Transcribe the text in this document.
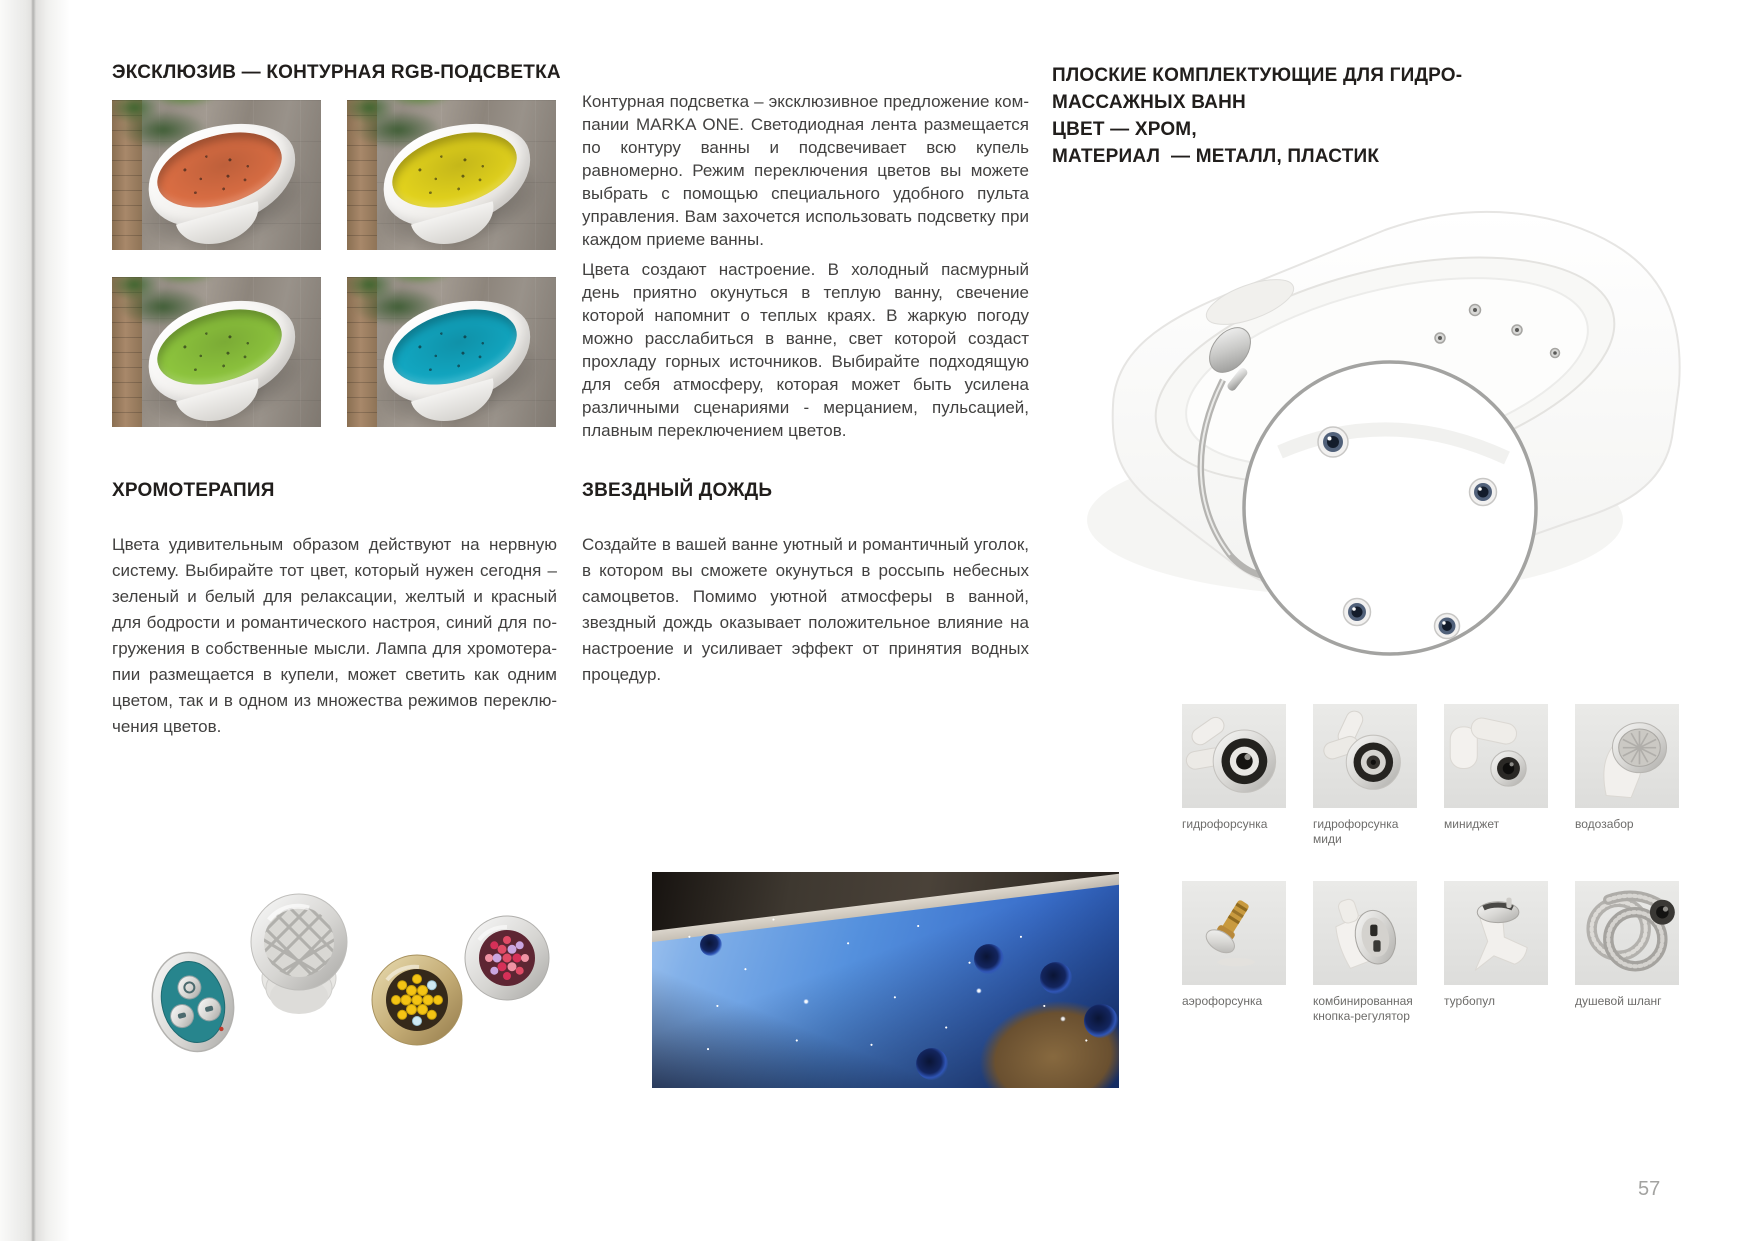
ЭКСКЛЮЗИВ — КОНТУРНАЯ RGB-ПОДСВЕТКА

Контурная подсветка – эксклюзивное предложение компании MARKA ONE. Светодиодная лента размещается по контуру ванны и подсвечивает всю купель равномерно. Режим переключения цветов вы можете выбрать с помощью специального удобного пульта управления. Вам захочется использовать подсветку при каждом приеме ванны.

Цвета создают настроение. В холодный пасмурный день приятно окунуться в теплую ванну, свечение которой напомнит о теплых краях. В жаркую погоду можно расслабиться в ванне, свет которой создаст прохладу горных источников. Выбирайте подходящую для себя атмосферу, которая может быть усилена различными сценариями - мерцанием, пульсацией, плавным переключением цветов.

ХРОМОТЕРАПИЯ

Цвета удивительным образом действуют на нервную систему. Выбирайте тот цвет, который нужен сегодня – зеленый и белый для релаксации, желтый и красный для бодрости и романтического настроя, синий для погружения в собственные мысли. Лампа для хромотерапии размещается в купели, может светить как одним цветом, так и в одном из множества режимов переключения цветов.

ЗВЕЗДНЫЙ ДОЖДЬ

Создайте в вашей ванне уютный и романтичный уголок, в котором вы сможете окунуться в россыпь небесных самоцветов. Помимо уютной атмосферы в ванной, звездный дождь оказывает положительное влияние на настроение и усиливает эффект от принятия водных процедур.

ПЛОСКИЕ КОМПЛЕКТУЮЩИЕ ДЛЯ ГИДРО-
МАССАЖНЫХ ВАНН
ЦВЕТ — ХРОМ,
МАТЕРИАЛ  — МЕТАЛЛ, ПЛАСТИК
гидрофорсунка	гидрофорсунка миди
миниджет	водозабор
аэрофорсунка	комбинированная кнопка-регулятор
турбопул	душевой шланг
57
